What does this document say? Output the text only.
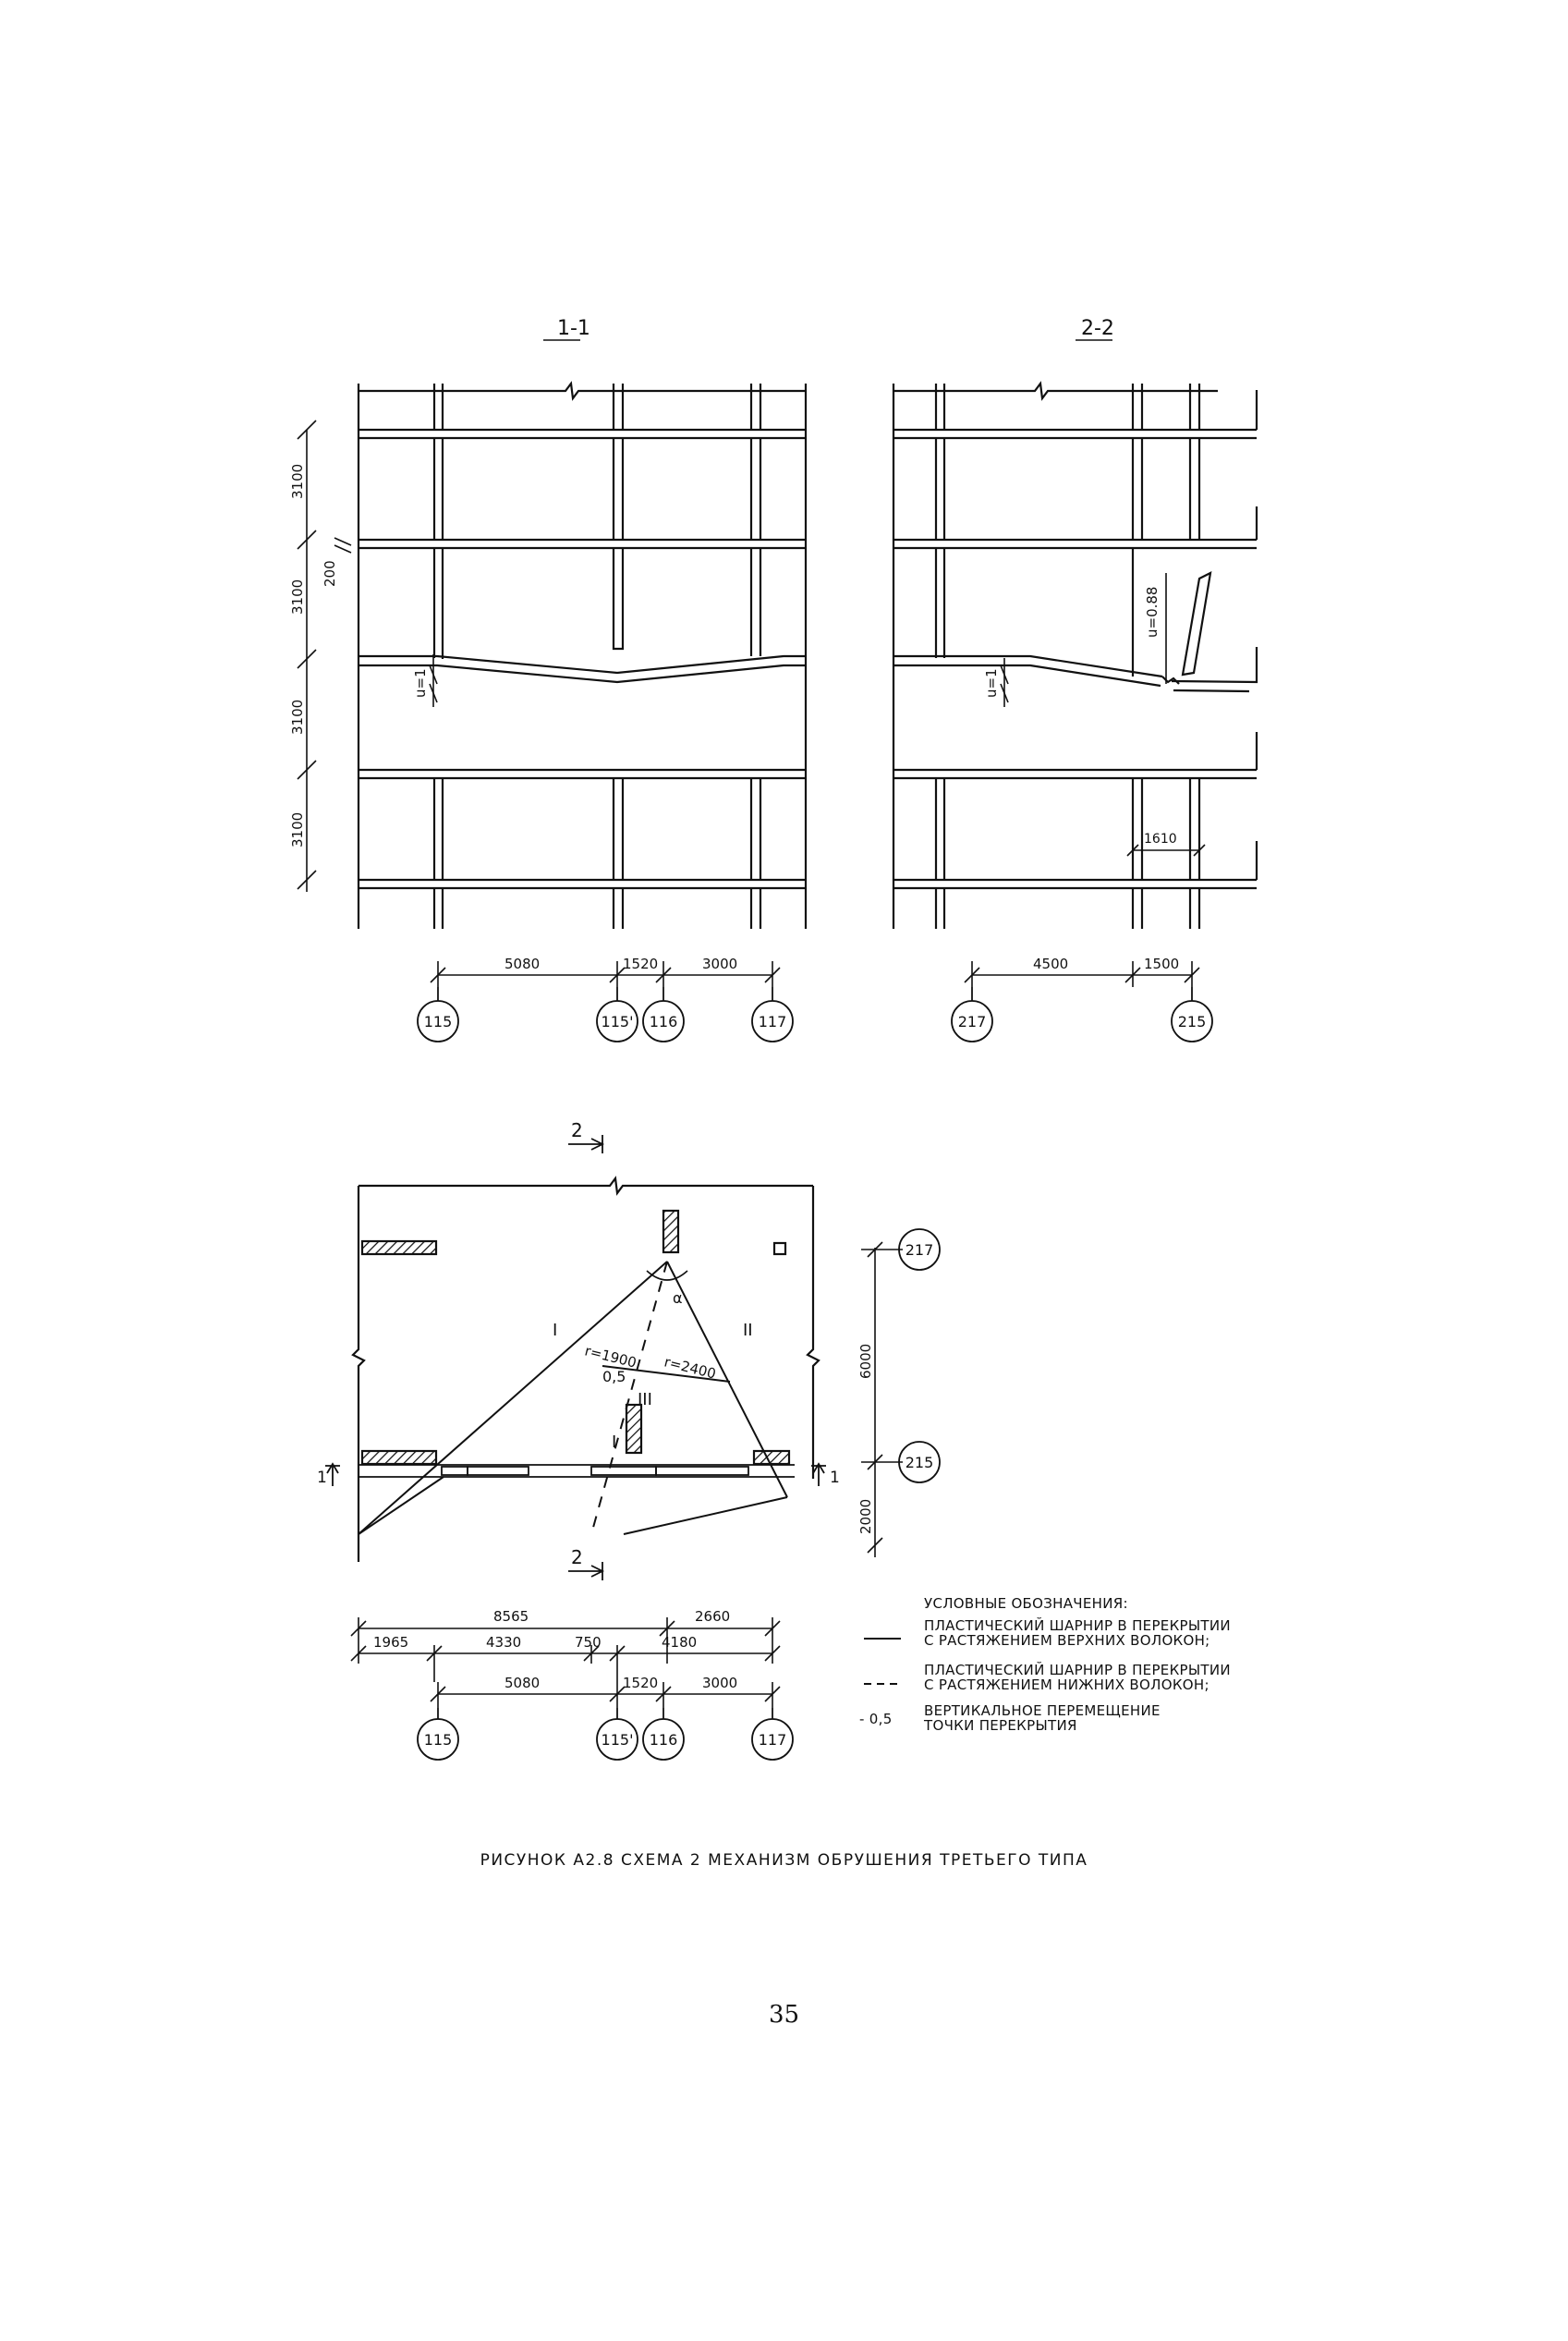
1-1
3100
200
3100
3100
3100
u=1
5080	1520	3000
115	115' 116	117
2-2
u=1
u=0.88
1610
4500	1500
217	215
2
2
α
I	II
III
I
r=1900 r=2400
0,5
1	1
217
215
6000
2000
8565	2660
1965	4330	750	4180
5080	1520	3000
115	115' 116	117
УСЛОВНЫЕ ОБОЗНАЧЕНИЯ:
ПЛАСТИЧЕСКИЙ ШАРНИР В ПЕРЕКРЫТИИ
С РАСТЯЖЕНИЕМ ВЕРХНИХ ВОЛОКОН;
ПЛАСТИЧЕСКИЙ ШАРНИР В ПЕРЕКРЫТИИ
С РАСТЯЖЕНИЕМ НИЖНИХ ВОЛОКОН;
- 0,5 ВЕРТИКАЛЬНОЕ ПЕРЕМЕЩЕНИЕ
ТОЧКИ ПЕРЕКРЫТИЯ
РИСУНОК А2.8 СХЕМА 2 МЕХАНИЗМ ОБРУШЕНИЯ ТРЕТЬЕГО ТИПА
35
